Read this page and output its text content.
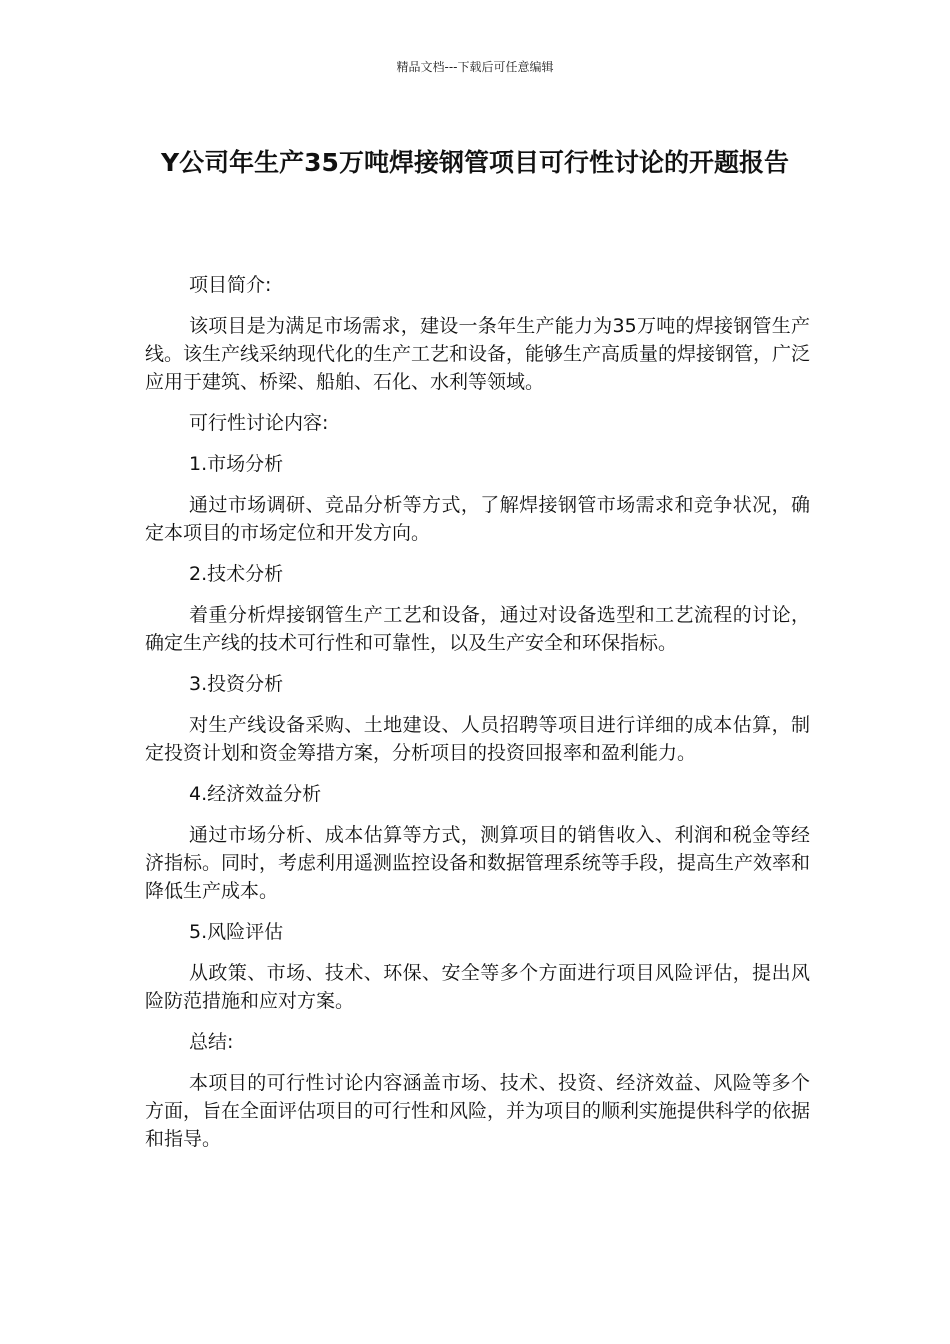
精品文档---下载后可任意编辑
Y公司年生产35万吨焊接钢管项目可行性讨论的开题报告

项目简介:

该项目是为满足市场需求，建设一条年生产能力为35万吨的焊接钢管生产线。该生产线采纳现代化的生产工艺和设备，能够生产高质量的焊接钢管，广泛应用于建筑、桥梁、船舶、石化、水利等领域。

可行性讨论内容:

1.市场分析

通过市场调研、竞品分析等方式，了解焊接钢管市场需求和竞争状况，确定本项目的市场定位和开发方向。

2.技术分析

着重分析焊接钢管生产工艺和设备，通过对设备选型和工艺流程的讨论，确定生产线的技术可行性和可靠性，以及生产安全和环保指标。

3.投资分析

对生产线设备采购、土地建设、人员招聘等项目进行详细的成本估算，制定投资计划和资金筹措方案，分析项目的投资回报率和盈利能力。

4.经济效益分析

通过市场分析、成本估算等方式，测算项目的销售收入、利润和税金等经济指标。同时，考虑利用遥测监控设备和数据管理系统等手段，提高生产效率和降低生产成本。

5.风险评估

从政策、市场、技术、环保、安全等多个方面进行项目风险评估，提出风险防范措施和应对方案。

总结:

本项目的可行性讨论内容涵盖市场、技术、投资、经济效益、风险等多个方面，旨在全面评估项目的可行性和风险，并为项目的顺利实施提供科学的依据和指导。
